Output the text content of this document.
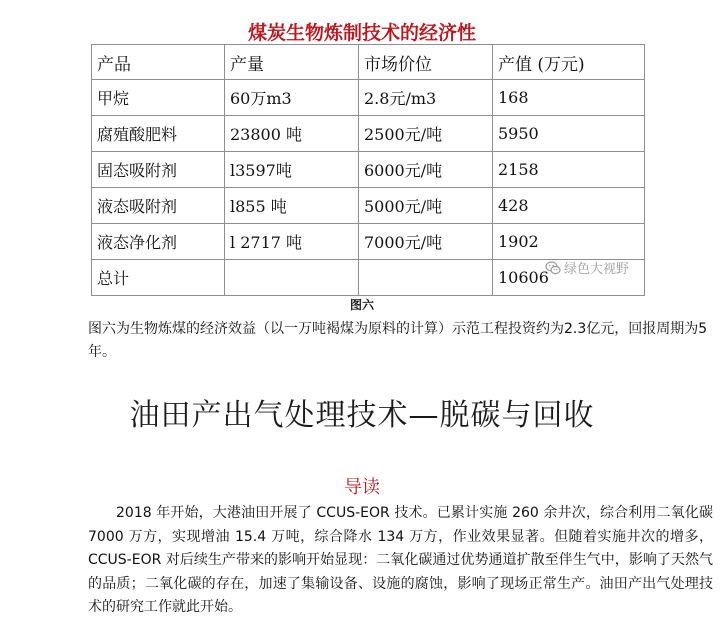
煤炭生物炼制技术的经济性
产品	产量	市场价位	产值 (万元)
甲烷	60万m3	2.8元/m3	168
腐殖酸肥料	23800 吨	2500元/吨	5950
固态吸附剂	l3597吨	6000元/吨	2158
液态吸附剂	l855 吨	5000元/吨	428
液态净化剂	l 2717 吨	7000元/吨	1902
总计			10606 绿色大视野
图六
图六为生物炼煤的经济效益（以一万吨褐煤为原料的计算）示范工程投资约为2.3亿元，回报周期为5年。
油田产出气处理技术—脱碳与回收
导读
2018 年开始，大港油田开展了 CCUS-EOR 技术。已累计实施 260 余井次，综合利用二氧化碳 7000 万方，实现增油 15.4 万吨，综合降水 134 万方，作业效果显著。但随着实施井次的增多，CCUS-EOR 对后续生产带来的影响开始显现：二氧化碳通过优势通道扩散至伴生气中，影响了天然气的品质；二氧化碳的存在，加速了集输设备、设施的腐蚀，影响了现场正常生产。油田产出气处理技术的研究工作就此开始。
